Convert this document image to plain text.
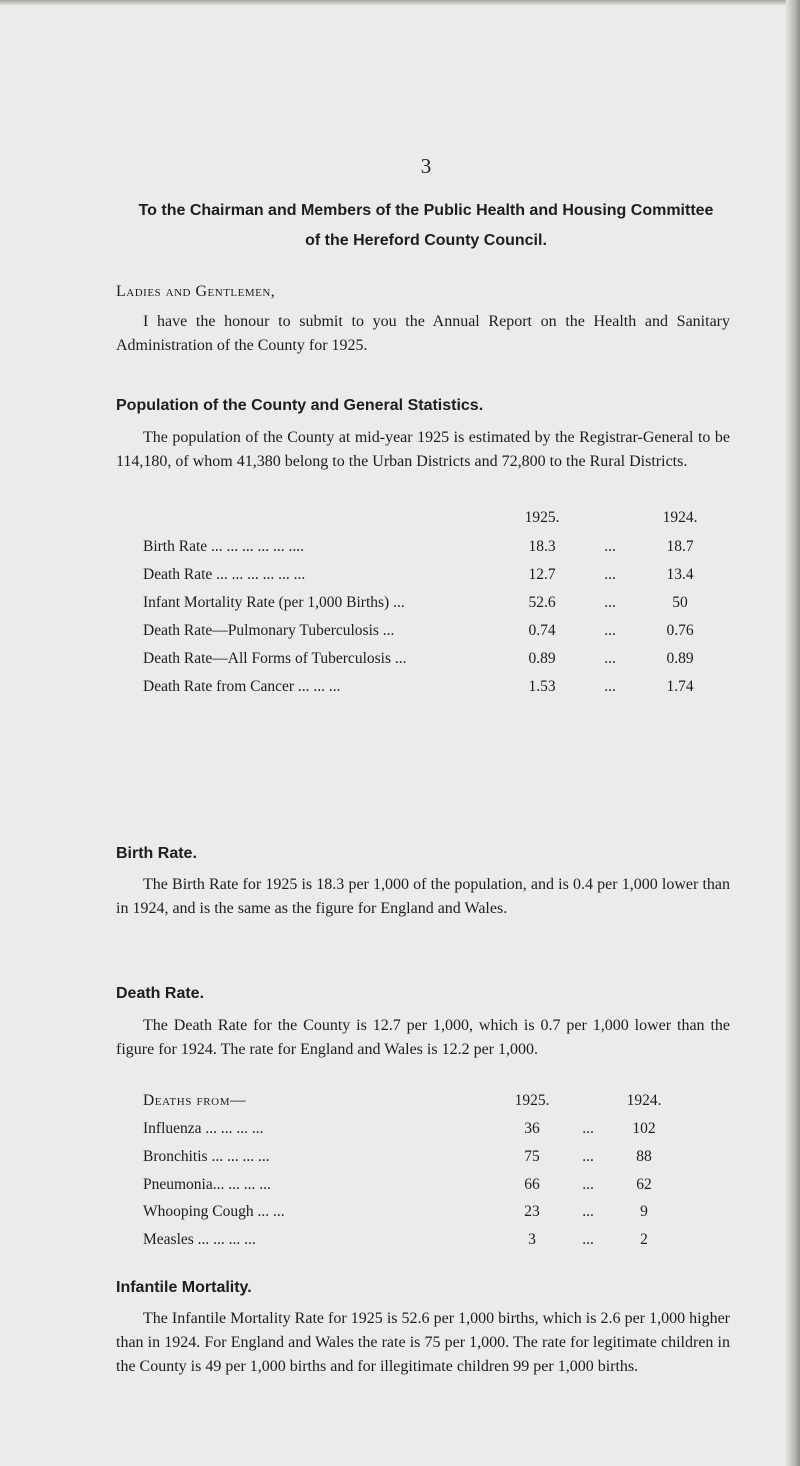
3
To the Chairman and Members of the Public Health and Housing Committee
of the Hereford County Council.
Ladies and Gentlemen,
I have the honour to submit to you the Annual Report on the Health and Sanitary Administration of the County for 1925.
Population of the County and General Statistics.
The population of the County at mid-year 1925 is estimated by the Registrar-General to be 114,180, of whom 41,380 belong to the Urban Districts and 72,800 to the Rural Districts.
1925.	1924.
Birth Rate ... ... ... ... ... ....	18.3	...	18.7
Death Rate ... ... ... ... ... ...	12.7	...	13.4
Infant Mortality Rate (per 1,000 Births) ...	52.6	...	50
Death Rate—Pulmonary Tuberculosis ...	0.74	...	0.76
Death Rate—All Forms of Tuberculosis ...	0.89	...	0.89
Death Rate from Cancer ... ... ...	1.53	...	1.74
Birth Rate.
The Birth Rate for 1925 is 18.3 per 1,000 of the population, and is 0.4 per 1,000 lower than in 1924, and is the same as the figure for England and Wales.
Death Rate.
The Death Rate for the County is 12.7 per 1,000, which is 0.7 per 1,000 lower than the figure for 1924. The rate for England and Wales is 12.2 per 1,000.
Deaths from—	1925.	1924.
Influenza ... ... ... ...	36	...	102
Bronchitis ... ... ... ...	75	...	88
Pneumonia... ... ... ...	66	...	62
Whooping Cough ... ...	23	...	9
Measles ... ... ... ...	3	...	2
Infantile Mortality.
The Infantile Mortality Rate for 1925 is 52.6 per 1,000 births, which is 2.6 per 1,000 higher than in 1924. For England and Wales the rate is 75 per 1,000. The rate for legitimate children in the County is 49 per 1,000 births and for illegitimate children 99 per 1,000 births.
